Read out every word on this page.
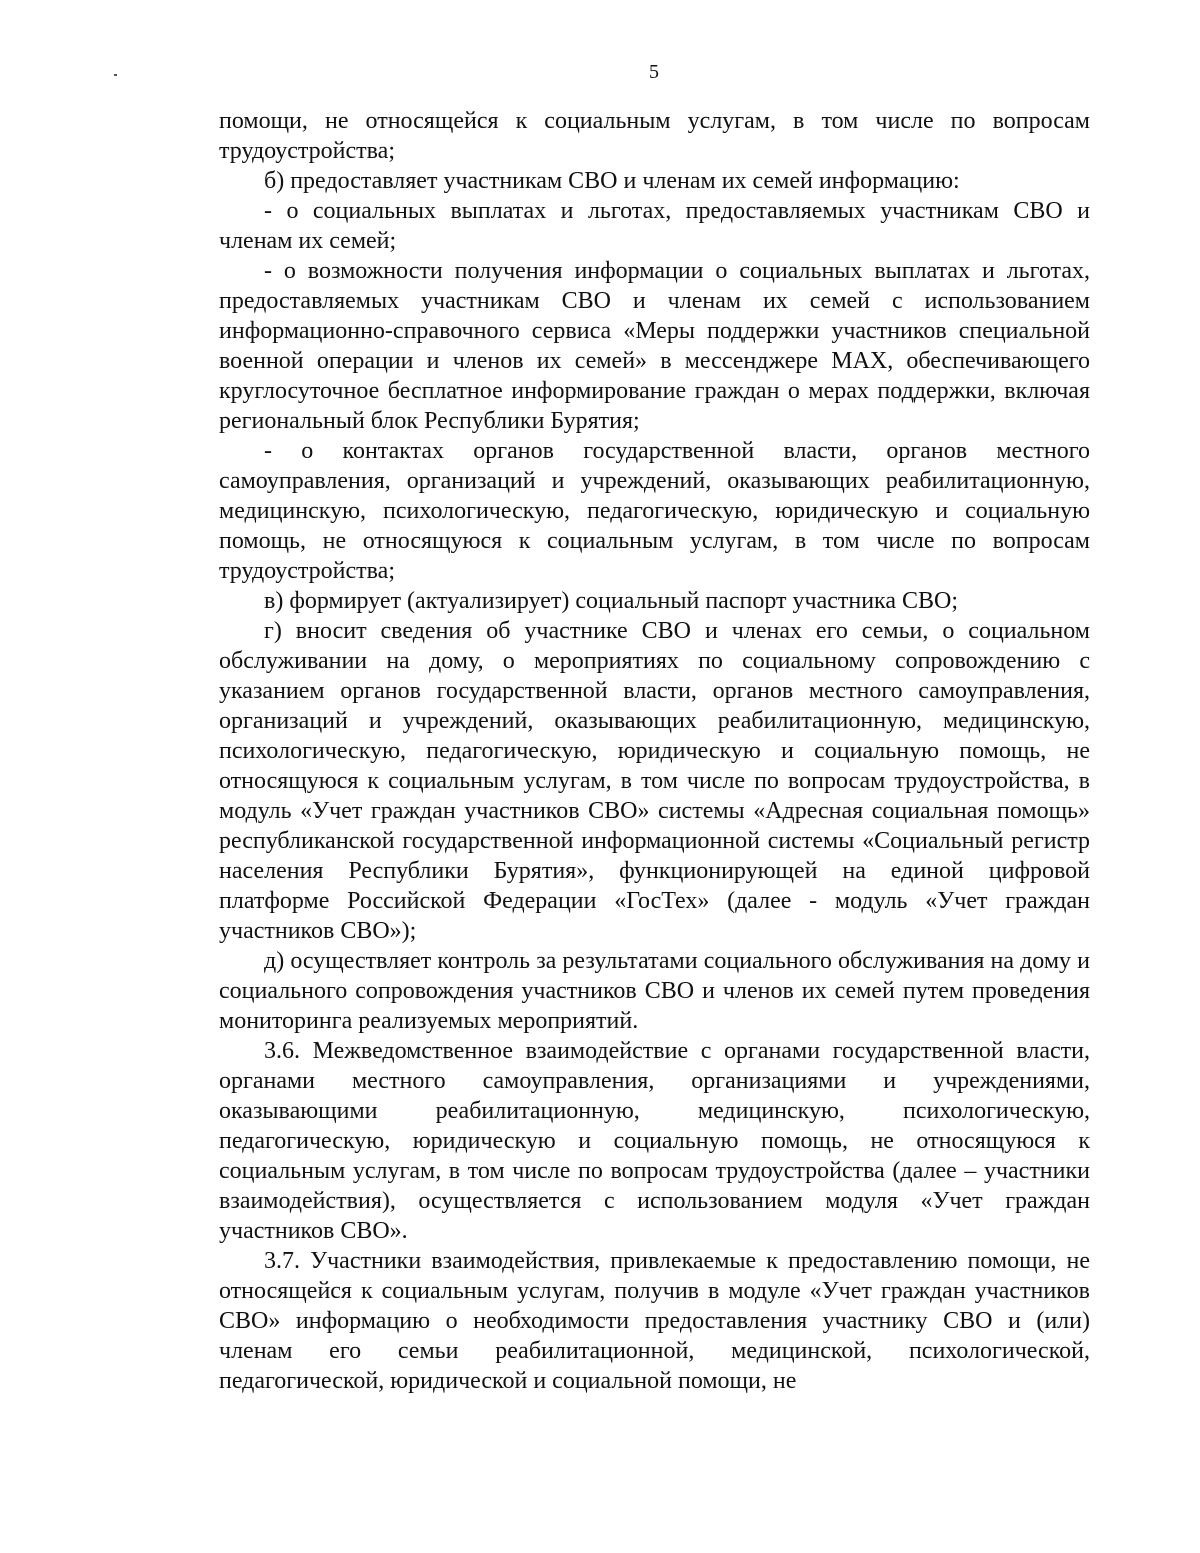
5

помощи, не относящейся к социальным услугам, в том числе по вопросам трудоустройства;

б) предоставляет участникам СВО и членам их семей информацию:

- о социальных выплатах и льготах, предоставляемых участникам СВО и членам их семей;

- о возможности получения информации о социальных выплатах и льготах, предоставляемых участникам СВО и членам их семей с использованием информационно-справочного сервиса «Меры поддержки участников специальной военной операции и членов их семей» в мессенджере MAX, обеспечивающего круглосуточное бесплатное информирование граждан о мерах поддержки, включая региональный блок Республики Бурятия;

- о контактах органов государственной власти, органов местного самоуправления, организаций и учреждений, оказывающих реабилитационную, медицинскую, психологическую, педагогическую, юридическую и социальную помощь, не относящуюся к социальным услугам, в том числе по вопросам трудоустройства;

в) формирует (актуализирует) социальный паспорт участника СВО;

г) вносит сведения об участнике СВО и членах его семьи, о социальном обслуживании на дому, о мероприятиях по социальному сопровождению с указанием органов государственной власти, органов местного самоуправления, организаций и учреждений, оказывающих реабилитационную, медицинскую, психологическую, педагогическую, юридическую и социальную помощь, не относящуюся к социальным услугам, в том числе по вопросам трудоустройства, в модуль «Учет граждан участников СВО» системы «Адресная социальная помощь» республиканской государственной информационной системы «Социальный регистр населения Республики Бурятия», функционирующей на единой цифровой платформе Российской Федерации «ГосТех» (далее - модуль «Учет граждан участников СВО»);

д) осуществляет контроль за результатами социального обслуживания на дому и социального сопровождения участников СВО и членов их семей путем проведения мониторинга реализуемых мероприятий.

3.6. Межведомственное взаимодействие с органами государственной власти, органами местного самоуправления, организациями и учреждениями, оказывающими реабилитационную, медицинскую, психологическую, педагогическую, юридическую и социальную помощь, не относящуюся к социальным услугам, в том числе по вопросам трудоустройства (далее – участники взаимодействия), осуществляется с использованием модуля «Учет граждан участников СВО».

3.7. Участники взаимодействия, привлекаемые к предоставлению помощи, не относящейся к социальным услугам, получив в модуле «Учет граждан участников СВО» информацию о необходимости предоставления участнику СВО и (или) членам его семьи реабилитационной, медицинской, психологической, педагогической, юридической и социальной помощи, не
